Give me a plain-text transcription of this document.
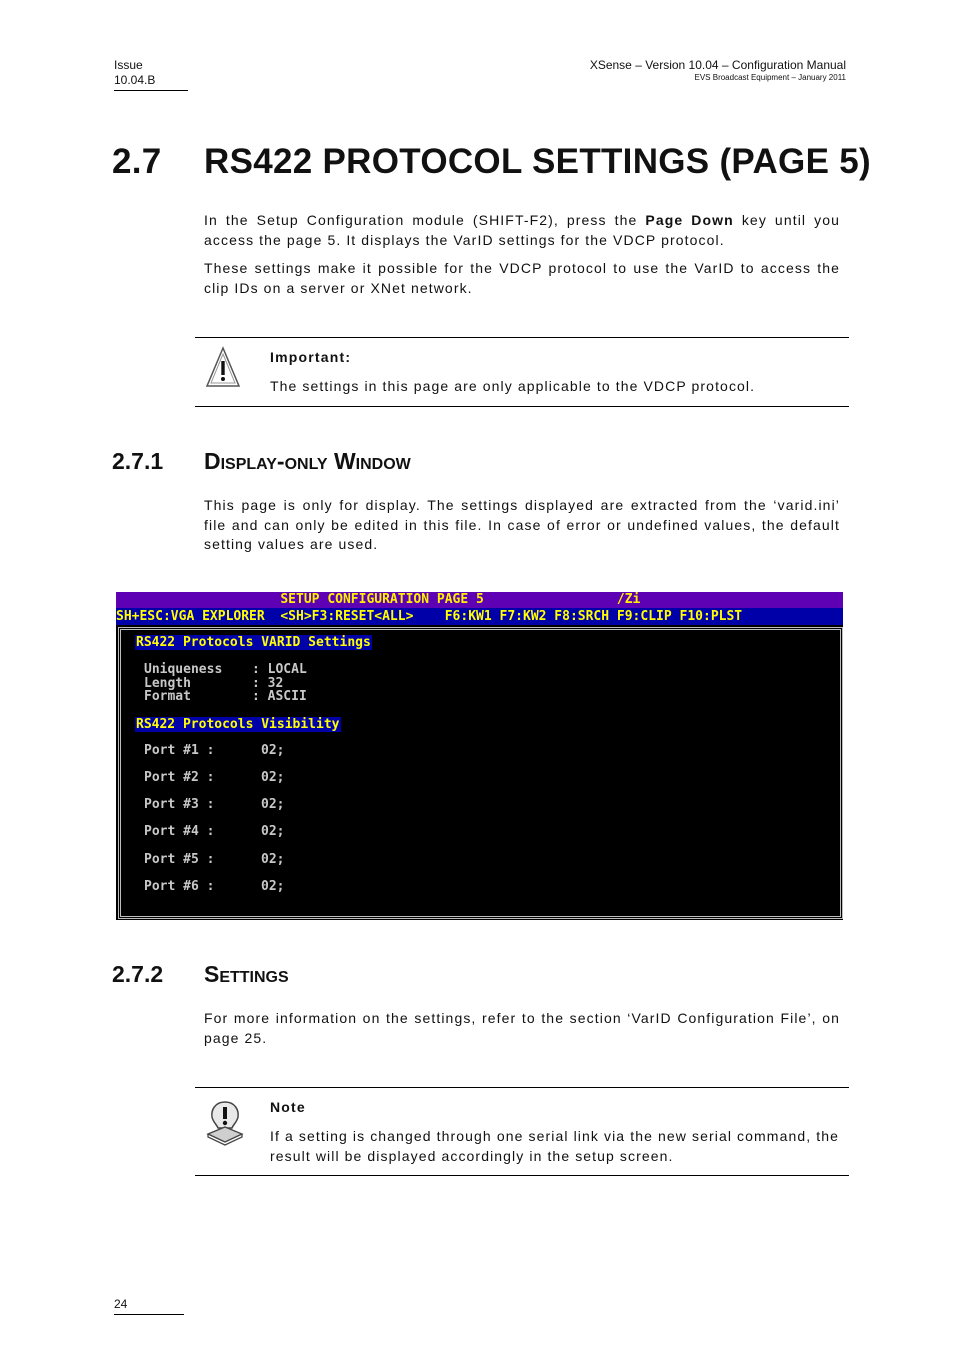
Issue
10.04.B
XSense – Version 10.04 – Configuration Manual
EVS Broadcast Equipment – January 2011
2.7 RS422 PROTOCOL SETTINGS (PAGE 5)
In the Setup Configuration module (SHIFT-F2), press the Page Down key until you access the page 5. It displays the VarID settings for the VDCP protocol.
These settings make it possible for the VDCP protocol to use the VarID to access the clip IDs on a server or XNet network.
Important:
The settings in this page are only applicable to the VDCP protocol.
2.7.1 Display-only Window
This page is only for display. The settings displayed are extracted from the ‘varid.ini’ file and can only be edited in this file. In case of error or undefined values, the default setting values are used.
SETUP CONFIGURATION PAGE 5                 /Zi
SH+ESC:VGA EXPLORER  <SH>F3:RESET<ALL>    F6:KW1 F7:KW2 F8:SRCH F9:CLIP F10:PLST
RS422 Protocols VARID Settings
Uniqueness : LOCAL
Length : 32
Format : ASCII
RS422 Protocols Visibility
Port #1 :	02;
Port #2 :	02;
Port #3 :	02;
Port #4 :	02;
Port #5 :	02;
Port #6 :	02;
2.7.2 Settings
For more information on the settings, refer to the section ‘VarID Configuration File’, on page 25.
Note
If a setting is changed through one serial link via the new serial command, the result will be displayed accordingly in the setup screen.
24
